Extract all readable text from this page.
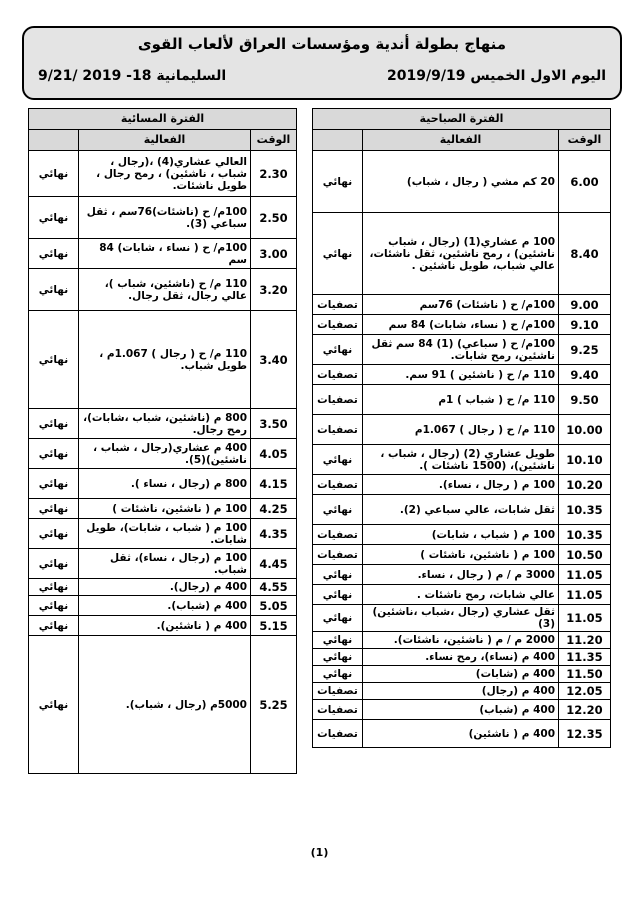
منهاج بطولة أندية ومؤسسات العراق لألعاب القوى
اليوم الاول الخميس 2019/9/19
السليمانية 18- 2019 /9/21
الفترة الصباحية		
الوقت	الفعالية	
6.00	20 كم مشي ( رجال ، شباب)	نهائي
8.40	100 م عشاري(1) (رجال ، شباب ناشئين) ، رمح ناشئين، ثقل ناشئات، عالي شباب، طويل ناشئين .	نهائي
9.00	100م/ ح ( ناشئات) 76سم	تصفيات
9.10	100م/ ح ( نساء، شابات) 84 سم	تصفيات
9.25	100م/ ح ( سباعي) (1) 84 سم ثقل ناشئين، رمح شابات.	نهائي
9.40	110 م/ ح ( ناشئين ) 91 سم.	تصفيات
9.50	110 م/ ح ( شباب ) 1م	تصفيات
10.00	110 م/ ح ( رجال ) 1.067م	تصفيات
10.10	طويل عشاري (2) (رجال ، شباب ، ناشئين)، (1500 ناشئات ).	نهائي
10.20	100 م ( رجال ، نساء).	تصفيات
10.35	ثقل شابات، عالي سباعي (2).	نهائي
10.35	100 م ( شباب ، شابات)	تصفيات
10.50	100 م ( ناشئين، ناشئات )	تصفيات
11.05	3000 م / م ( رجال ، نساء.	نهائي
11.05	عالي شابات، رمح ناشئات .	نهائي
11.05	ثقل عشاري (رجال ،شباب ،ناشئين)(3)	نهائي
11.20	2000 م / م ( ناشئين، ناشئات).	نهائي
11.35	400 م (نساء)، رمح نساء.	نهائي
11.50	400 م (شابات)	نهائي
12.05	400 م (رجال)	تصفيات
12.20	400 م (شباب)	تصفيات
12.35	400 م ( ناشئين)	تصفيات
الفترة المسائية		
الوقت	الفعالية	
2.30	العالي عشاري(4) ،(رجال ، شباب ، ناشئين) ، رمح رجال ، طويل ناشئات.	نهائي
2.50	100م/ ح (ناشئات)76سم ، ثقل سباعي (3).	نهائي
3.00	100م/ ح ( نساء ، شابات) 84 سم	نهائي
3.20	110 م/ ح (ناشئين، شباب )، عالي رجال، ثقل رجال.	نهائي
3.40	110 م/ ح ( رجال ) 1.067م ، طويل شباب.	نهائي
3.50	800 م (ناشئين، شباب ،شابات)، رمح رجال.	نهائي
4.05	400 م عشاري(رجال ، شباب ، ناشئين)(5).	نهائي
4.15	800 م (رجال ، نساء ).	نهائي
4.25	100 م ( ناشئين، ناشئات )	نهائي
4.35	100 م ( شباب ، شابات)، طويل شابات.	نهائي
4.45	100 م (رجال ، نساء)، ثقل شباب.	نهائي
4.55	400 م (رجال).	نهائي
5.05	400 م (شباب).	نهائي
5.15	400 م ( ناشئين).	نهائي
5.25	5000م (رجال ، شباب).	نهائي
(1)
